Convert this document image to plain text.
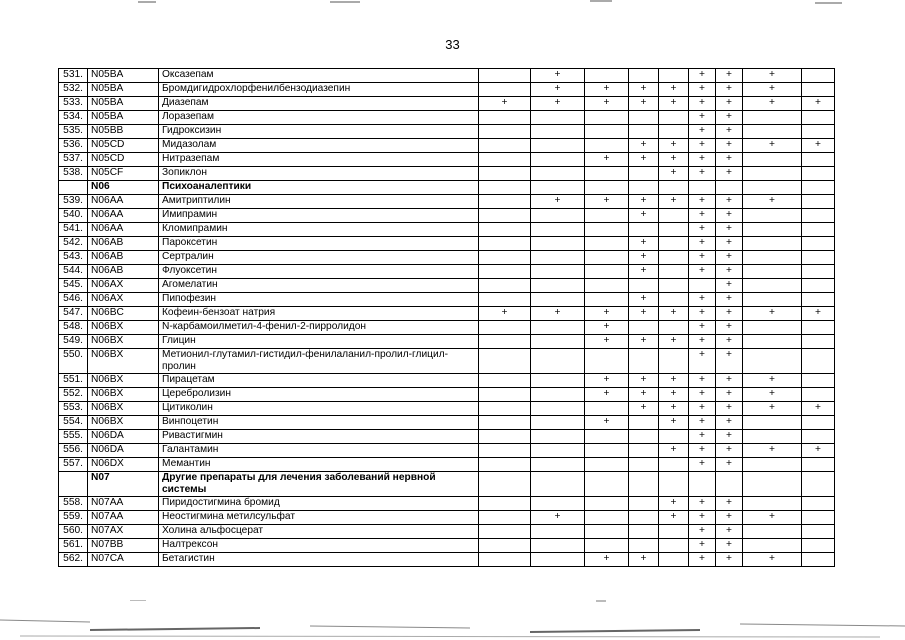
33
531.	N05BA	Оксазепам		+				+	+	+	
532.	N05BA	Бромдигидрохлорфенилбензодиазепин		+	+	+	+	+	+	+	
533.	N05BA	Диазепам	+	+	+	+	+	+	+	+	+
534.	N05BA	Лоразепам						+	+		
535.	N05BB	Гидроксизин						+	+		
536.	N05CD	Мидазолам				+	+	+	+	+	+
537.	N05CD	Нитразепам			+	+	+	+	+		
538.	N05CF	Зопиклон					+	+	+		
	N06	Психоаналептики									
539.	N06AA	Амитриптилин		+	+	+	+	+	+	+	
540.	N06AA	Имипрамин				+		+	+		
541.	N06AA	Кломипрамин						+	+		
542.	N06AB	Пароксетин				+		+	+		
543.	N06AB	Сертралин				+		+	+		
544.	N06AB	Флуоксетин				+		+	+		
545.	N06AX	Агомелатин							+		
546.	N06AX	Пипофезин				+		+	+		
547.	N06BC	Кофеин-бензоат натрия	+	+	+	+	+	+	+	+	+
548.	N06BX	N-карбамоилметил-4-фенил-2-пирролидон			+			+	+		
549.	N06BX	Глицин			+	+	+	+	+		
550.	N06BX	Метионил-глутамил-гистидил-фенилаланил-пролил-глицил-пролин						+	+		
551.	N06BX	Пирацетам			+	+	+	+	+	+	
552.	N06BX	Церебролизин			+	+	+	+	+	+	
553.	N06BX	Цитиколин				+	+	+	+	+	+
554.	N06BX	Винпоцетин			+		+	+	+		
555.	N06DA	Ривастигмин						+	+		
556.	N06DA	Галантамин					+	+	+	+	+
557.	N06DX	Мемантин						+	+		
	N07	Другие препараты для лечения заболеваний нервной системы									
558.	N07AA	Пиридостигмина бромид					+	+	+		
559.	N07AA	Неостигмина метилсульфат		+			+	+	+	+	
560.	N07AX	Холина альфосцерат						+	+		
561.	N07BB	Налтрексон						+	+		
562.	N07CA	Бетагистин			+	+		+	+	+	
